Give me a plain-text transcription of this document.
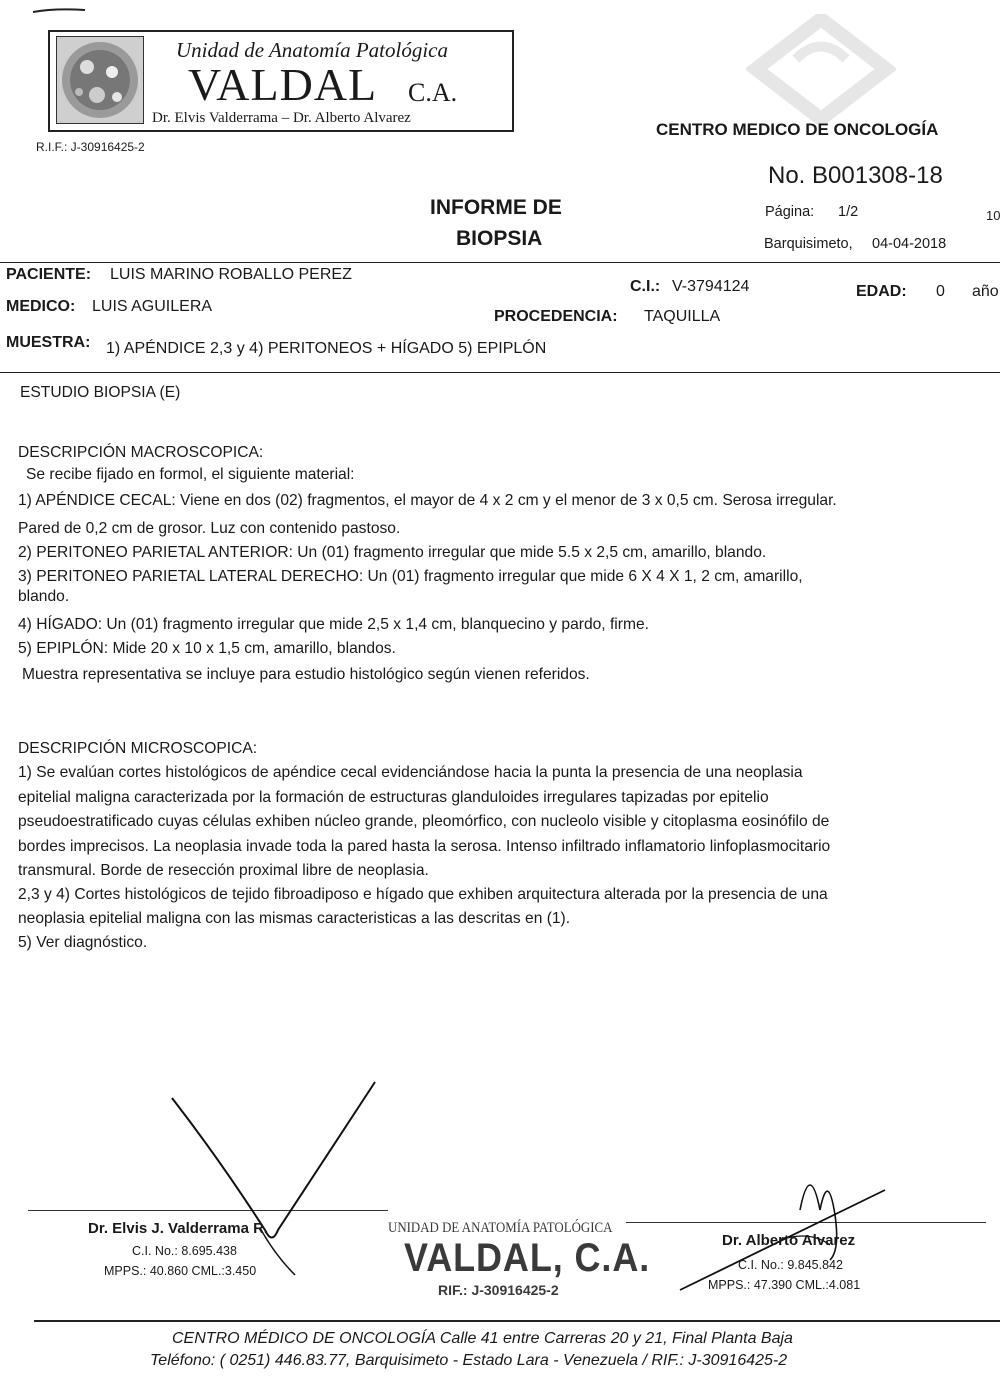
Unidad de Anatomía Patológica
VALDAL C.A.
Dr. Elvis Valderrama – Dr. Alberto Alvarez
R.I.F.: J-30916425-2
CENTRO MEDICO DE ONCOLOGÍA
No. B001308-18
INFORME DE
BIOPSIA
Página: 1/2	10
Barquisimeto, 04-04-2018
PACIENTE: LUIS MARINO ROBALLO PEREZ
C.I.: V-3794124
MEDICO: LUIS AGUILERA
EDAD: 0 año
PROCEDENCIA: TAQUILLA
MUESTRA: 1) APÉNDICE 2,3 y 4) PERITONEOS + HÍGADO 5) EPIPLÓN
ESTUDIO BIOPSIA (E)
DESCRIPCIÓN MACROSCOPICA:
Se recibe fijado en formol, el siguiente material:
1) APÉNDICE CECAL: Viene en dos (02) fragmentos, el mayor de 4 x 2 cm y el menor de 3 x 0,5 cm. Serosa irregular.
Pared de 0,2 cm de grosor. Luz con contenido pastoso.
2) PERITONEO PARIETAL ANTERIOR: Un (01) fragmento irregular que mide 5.5 x 2,5 cm, amarillo, blando.
3) PERITONEO PARIETAL LATERAL DERECHO: Un (01) fragmento irregular que mide 6 X 4 X 1, 2 cm, amarillo,
blando.
4) HÍGADO: Un (01) fragmento irregular que mide 2,5 x 1,4 cm, blanquecino y pardo, firme.
5) EPIPLÓN: Mide 20 x 10 x 1,5 cm, amarillo, blandos.
Muestra representativa se incluye para estudio histológico según vienen referidos.
DESCRIPCIÓN MICROSCOPICA:
1) Se evalúan cortes histológicos de apéndice cecal evidenciándose hacia la punta la presencia de una neoplasia
epitelial maligna caracterizada por la formación de estructuras glanduloides irregulares tapizadas por epitelio
pseudoestratificado cuyas células exhiben núcleo grande, pleomórfico, con nucleolo visible y citoplasma eosinófilo de
bordes imprecisos. La neoplasia invade toda la pared hasta la serosa. Intenso infiltrado inflamatorio linfoplasmocitario
transmural. Borde de resección proximal libre de neoplasia.
2,3 y 4) Cortes histológicos de tejido fibroadiposo e hígado que exhiben arquitectura alterada por la presencia de una
neoplasia epitelial maligna con las mismas caracteristicas a las descritas en (1).
5) Ver diagnóstico.
Dr. Elvis J. Valderrama R.
C.I. No.: 8.695.438
MPPS.: 40.860 CML.:3.450
UNIDAD DE ANATOMÍA PATOLÓGICA
VALDAL, C.A.
RIF.: J-30916425-2
Dr. Alberto Alvarez
C.I. No.: 9.845.842
MPPS.: 47.390 CML.:4.081
CENTRO MÉDICO DE ONCOLOGÍA Calle 41 entre Carreras 20 y 21, Final Planta Baja
Teléfono: ( 0251) 446.83.77, Barquisimeto - Estado Lara - Venezuela / RIF.: J-30916425-2
